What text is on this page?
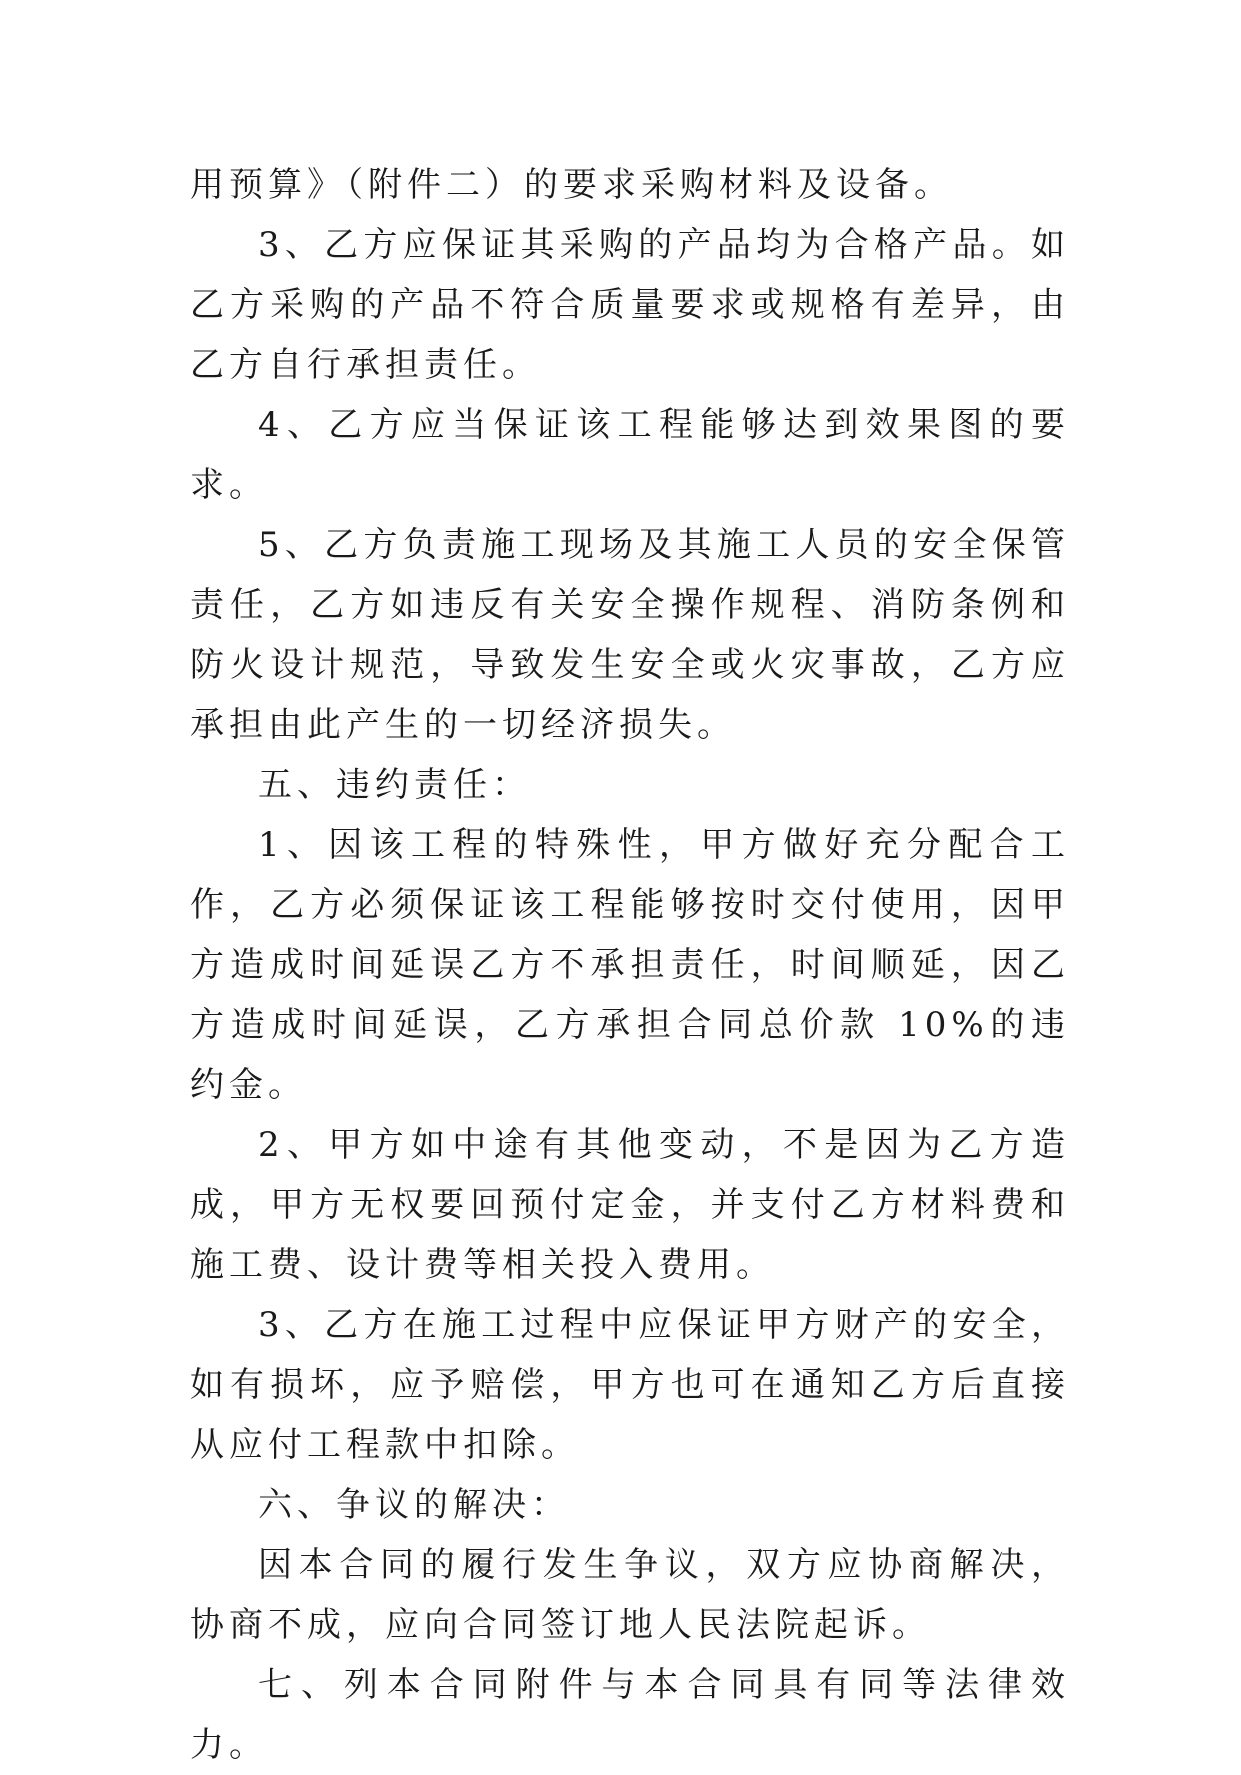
用预算》（附件二）的要求采购材料及设备。

3、乙方应保证其采购的产品均为合格产品。如乙方采购的产品不符合质量要求或规格有差异，由乙方自行承担责任。

4、乙方应当保证该工程能够达到效果图的要求。

5、乙方负责施工现场及其施工人员的安全保管责任，乙方如违反有关安全操作规程、消防条例和防火设计规范，导致发生安全或火灾事故，乙方应承担由此产生的一切经济损失。

五、违约责任：

1、因该工程的特殊性，甲方做好充分配合工作，乙方必须保证该工程能够按时交付使用，因甲方造成时间延误乙方不承担责任，时间顺延，因乙方造成时间延误，乙方承担合同总价款 10%的违约金。

2、甲方如中途有其他变动，不是因为乙方造成，甲方无权要回预付定金，并支付乙方材料费和施工费、设计费等相关投入费用。

3、乙方在施工过程中应保证甲方财产的安全，如有损坏，应予赔偿，甲方也可在通知乙方后直接从应付工程款中扣除。

六、争议的解决：

因本合同的履行发生争议，双方应协商解决，协商不成，应向合同签订地人民法院起诉。

七、列本合同附件与本合同具有同等法律效力。
